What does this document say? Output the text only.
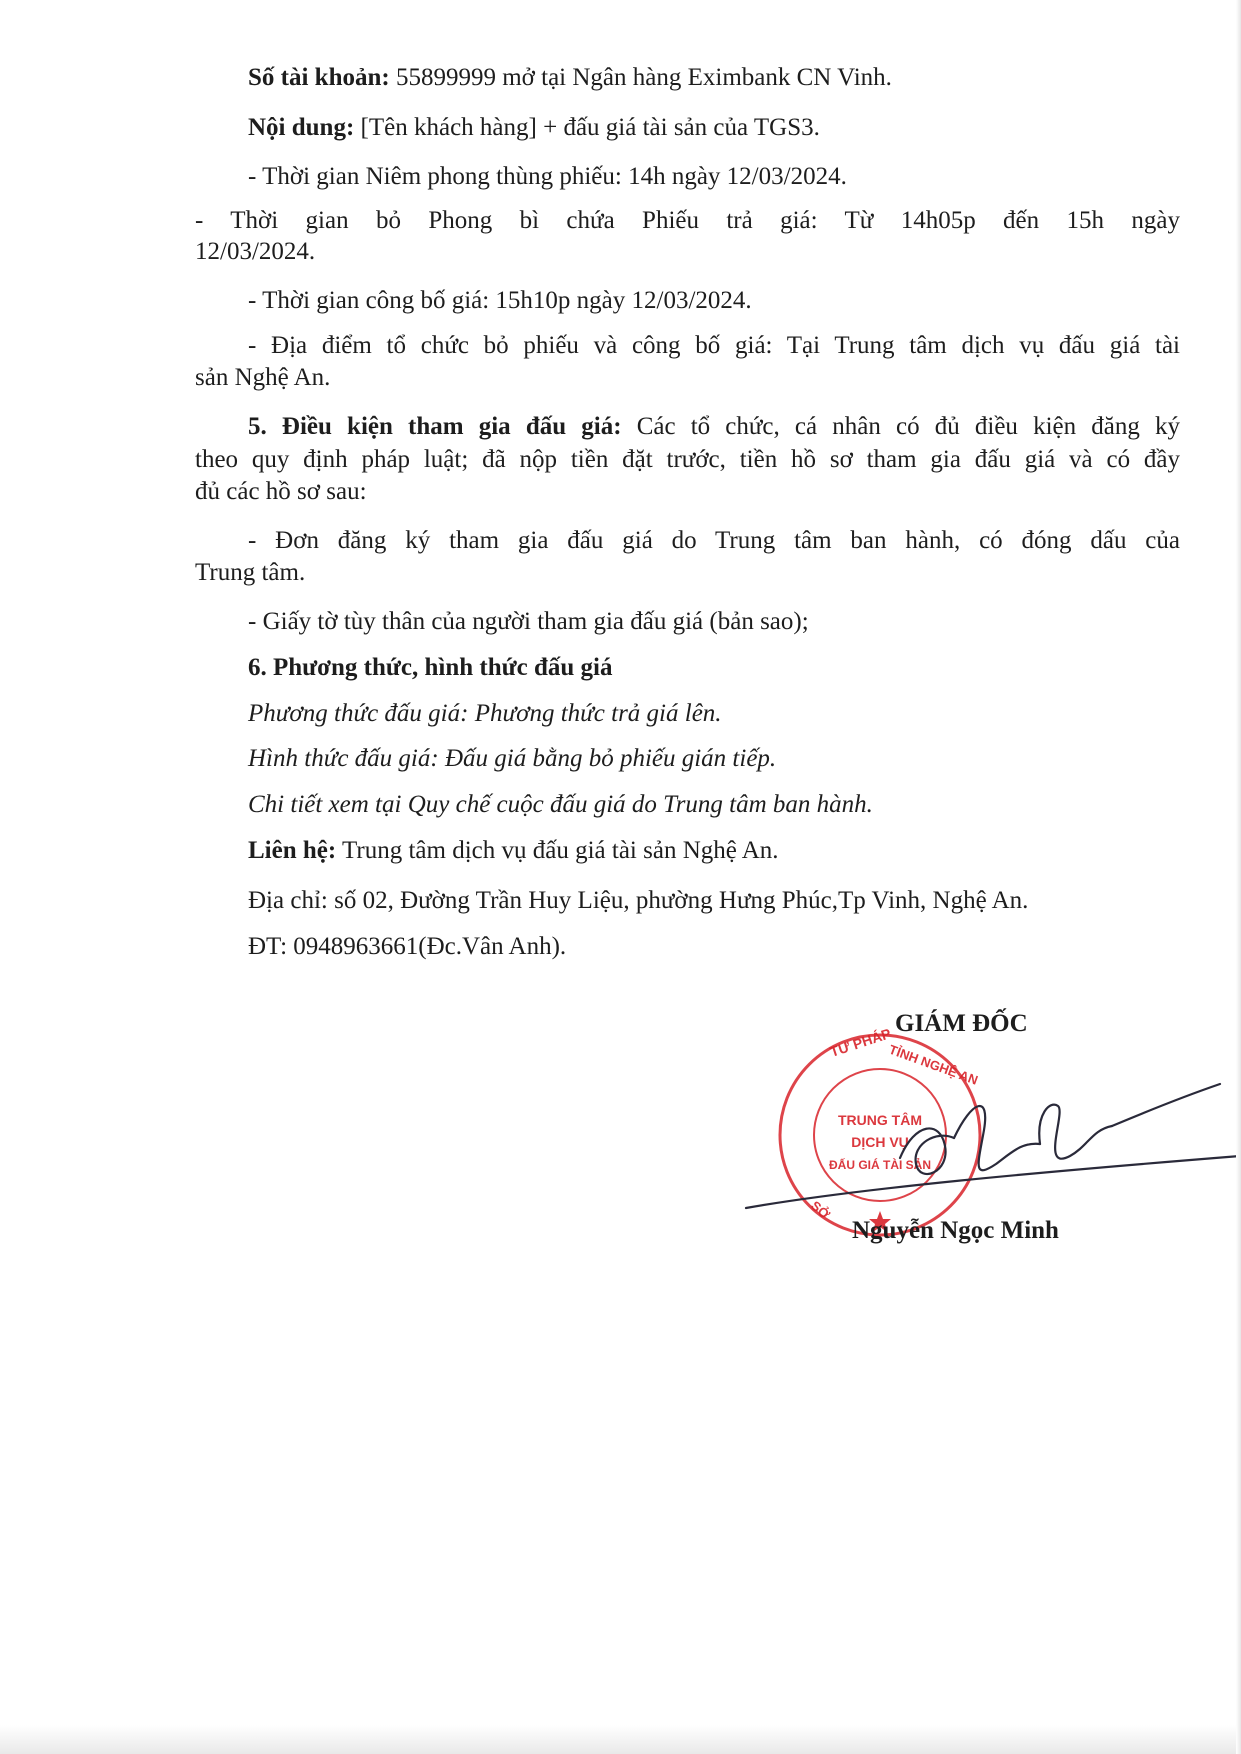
Số tài khoản: 55899999 mở tại Ngân hàng Eximbank CN Vinh.
Nội dung: [Tên khách hàng] + đấu giá tài sản của TGS3.
- Thời gian Niêm phong thùng phiếu: 14h ngày 12/03/2024.
- Thời gian bỏ Phong bì chứa Phiếu trả giá: Từ 14h05p đến 15h ngày
12/03/2024.
- Thời gian công bố giá: 15h10p ngày 12/03/2024.
- Địa điểm tổ chức bỏ phiếu và công bố giá: Tại Trung tâm dịch vụ đấu giá tài
sản Nghệ An.
5. Điều kiện tham gia đấu giá: Các tổ chức, cá nhân có đủ điều kiện đăng ký
theo quy định pháp luật; đã nộp tiền đặt trước, tiền hồ sơ tham gia đấu giá và có đầy
đủ các hồ sơ sau:
- Đơn đăng ký tham gia đấu giá do Trung tâm ban hành, có đóng dấu của
Trung tâm.
- Giấy tờ tùy thân của người tham gia đấu giá (bản sao);
6. Phương thức, hình thức đấu giá
Phương thức đấu giá: Phương thức trả giá lên.
Hình thức đấu giá: Đấu giá bằng bỏ phiếu gián tiếp.
Chi tiết xem tại Quy chế cuộc đấu giá do Trung tâm ban hành.
Liên hệ: Trung tâm dịch vụ đấu giá tài sản Nghệ An.
Địa chỉ: số 02, Đường Trần Huy Liệu, phường Hưng Phúc,Tp Vinh, Nghệ An.
ĐT: 0948963661(Đc.Vân Anh).
TƯ PHÁP
TỈNH NGHỆ AN
SỞ
TRUNG TÂM
DỊCH VỤ
ĐẤU GIÁ TÀI SẢN
GIÁM ĐỐC
Nguyễn Ngọc Minh
